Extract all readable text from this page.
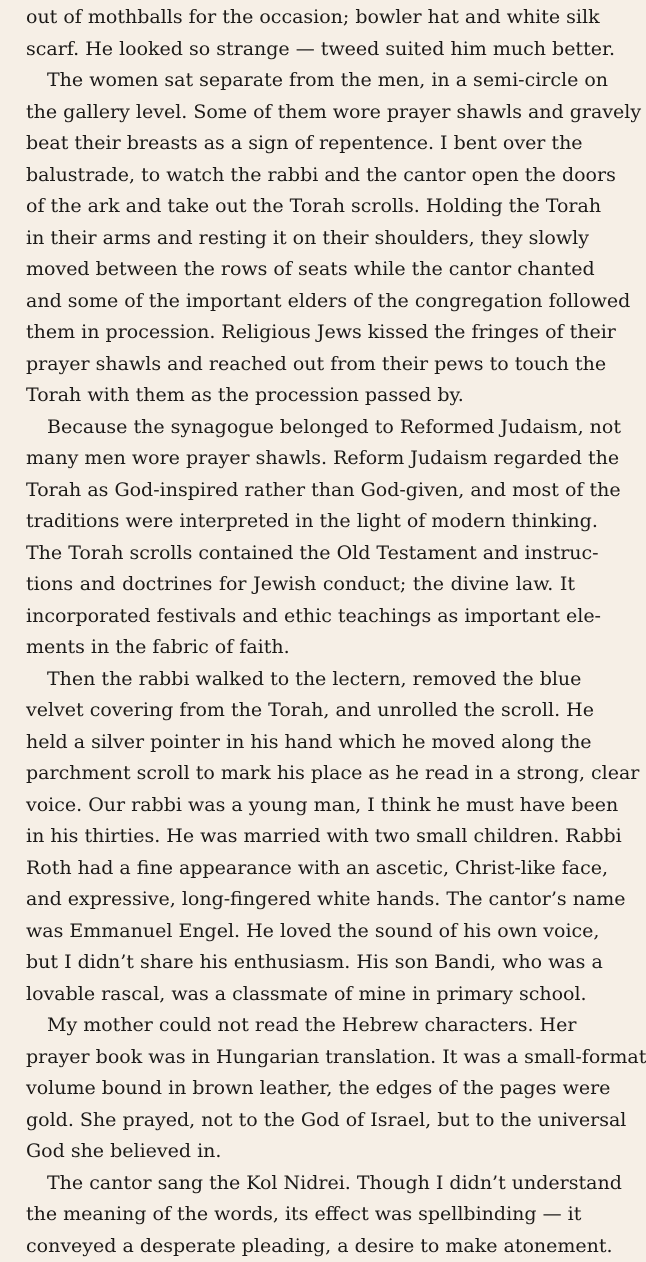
out of mothballs for the occasion; bowler hat and white silk
scarf. He looked so strange — tweed suited him much better.

The women sat separate from the men, in a semi-circle on
the gallery level. Some of them wore prayer shawls and gravely
beat their breasts as a sign of repentence. I bent over the
balustrade, to watch the rabbi and the cantor open the doors
of the ark and take out the Torah scrolls. Holding the Torah
in their arms and resting it on their shoulders, they slowly
moved between the rows of seats while the cantor chanted
and some of the important elders of the congregation followed
them in procession. Religious Jews kissed the fringes of their
prayer shawls and reached out from their pews to touch the
Torah with them as the procession passed by.

Because the synagogue belonged to Reformed Judaism, not
many men wore prayer shawls. Reform Judaism regarded the
Torah as God-inspired rather than God-given, and most of the
traditions were interpreted in the light of modern thinking.
The Torah scrolls contained the Old Testament and instruc-
tions and doctrines for Jewish conduct; the divine law. It
incorporated festivals and ethic teachings as important ele-
ments in the fabric of faith.

Then the rabbi walked to the lectern, removed the blue
velvet covering from the Torah, and unrolled the scroll. He
held a silver pointer in his hand which he moved along the
parchment scroll to mark his place as he read in a strong, clear
voice. Our rabbi was a young man, I think he must have been
in his thirties. He was married with two small children. Rabbi
Roth had a fine appearance with an ascetic, Christ-like face,
and expressive, long-fingered white hands. The cantor’s name
was Emmanuel Engel. He loved the sound of his own voice,
but I didn’t share his enthusiasm. His son Bandi, who was a
lovable rascal, was a classmate of mine in primary school.

My mother could not read the Hebrew characters. Her
prayer book was in Hungarian translation. It was a small-format
volume bound in brown leather, the edges of the pages were
gold. She prayed, not to the God of Israel, but to the universal
God she believed in.

The cantor sang the Kol Nidrei. Though I didn’t understand
the meaning of the words, its effect was spellbinding — it
conveyed a desperate pleading, a desire to make atonement.
